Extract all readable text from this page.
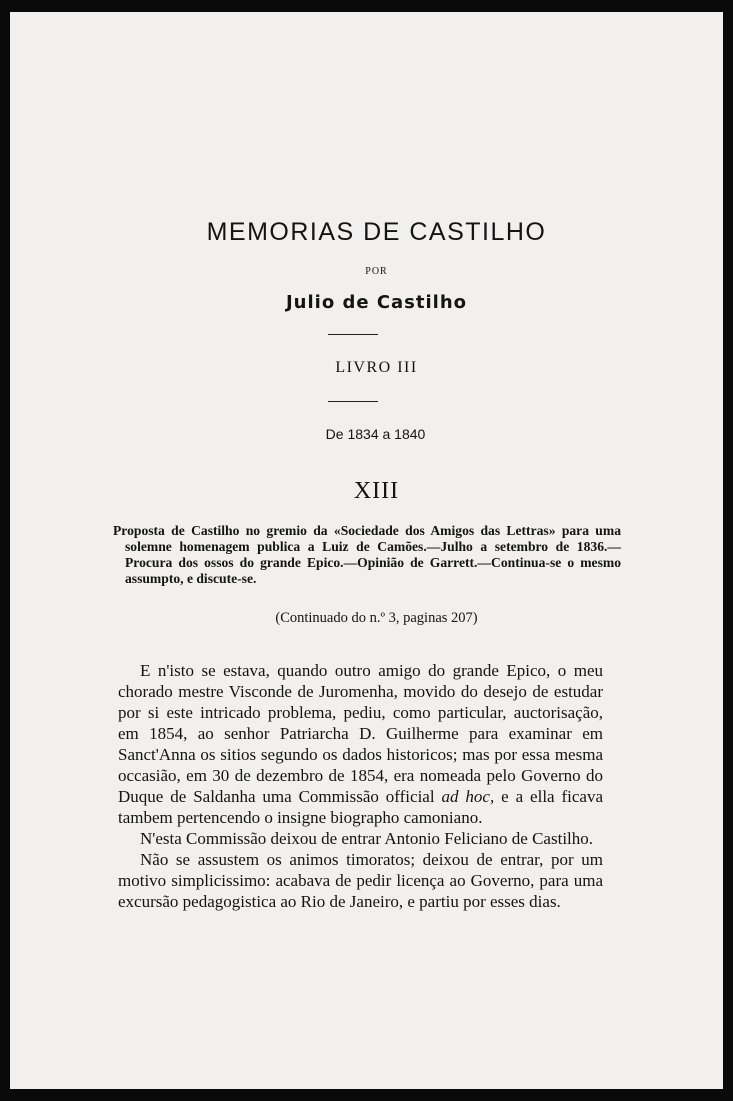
MEMORIAS DE CASTILHO
POR
Julio de Castilho
LIVRO III
De 1834 a 1840
XIII
Proposta de Castilho no gremio da «Sociedade dos Amigos das Lettras» para uma solemne homenagem publica a Luiz de Camões.—Julho a setembro de 1836.—Procura dos ossos do grande Epico.—Opinião de Garrett.—Continua-se o mesmo assumpto, e discute-se.
(Continuado do n.º 3, paginas 207)

E n'isto se estava, quando outro amigo do grande Epico, o meu chorado mestre Visconde de Juromenha, movido do desejo de estudar por si este intricado problema, pediu, como particular, auctorisação, em 1854, ao senhor Patriarcha D. Guilherme para examinar em Sanct'Anna os sitios segundo os dados historicos; mas por essa mesma occasião, em 30 de dezembro de 1854, era nomeada pelo Governo do Duque de Saldanha uma Commissão official ad hoc, e a ella ficava tambem pertencendo o insigne biographo camoniano.

N'esta Commissão deixou de entrar Antonio Feliciano de Castilho.

Não se assustem os animos timoratos; deixou de entrar, por um motivo simplicissimo: acabava de pedir licença ao Governo, para uma excursão pedagogistica ao Rio de Janeiro, e partiu por esses dias.
